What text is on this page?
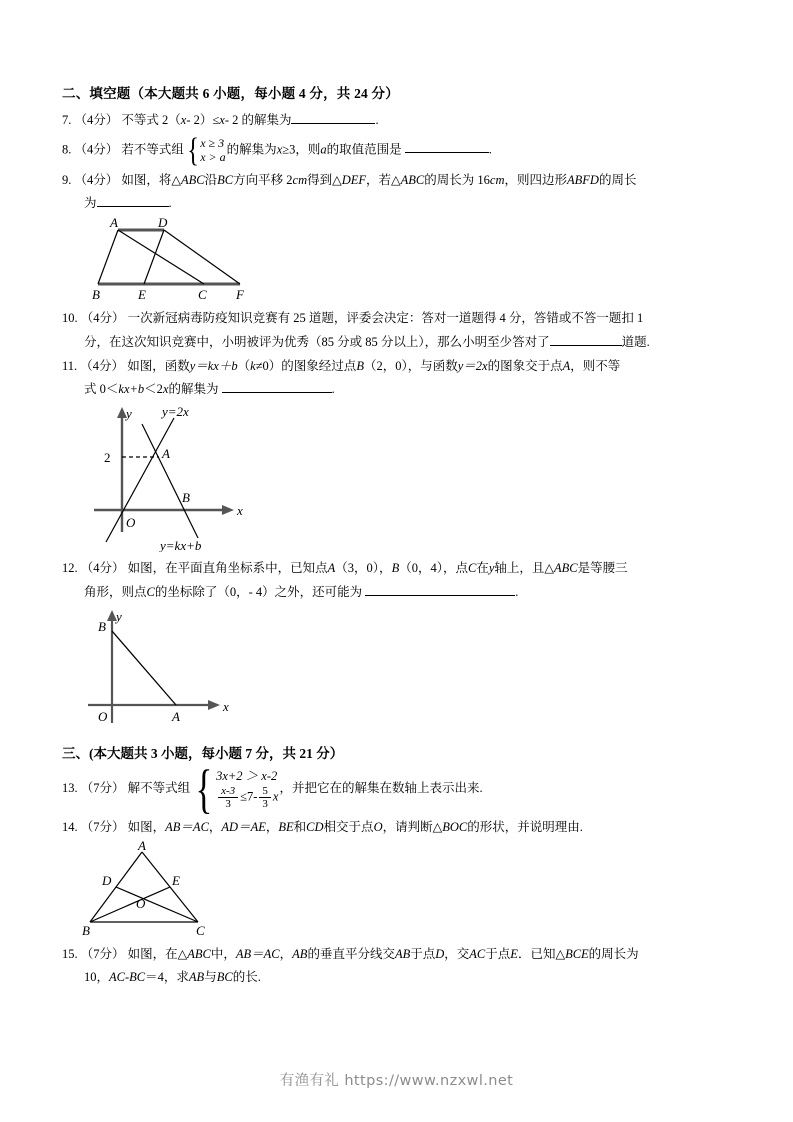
二、填空题（本大题共 6 小题，每小题 4 分，共 24 分）
7. （4分） 不等式 2（x- 2）≤x- 2 的解集为	.
8. （4分） 若不等式组 { x ≥ 3
x > a
的解集为x≥3，则a的取值范围是	.
9. （4分） 如图，将△ABC沿BC方向平移 2cm得到△DEF，若△ABC的周长为 16cm，则四边形ABFD的周长
为	.
A	D
B	E	C F
10. （4分） 一次新冠病毒防疫知识竞赛有 25 道题，评委会决定：答对一道题得 4 分，答错或不答一题扣 1
分，在这次知识竞赛中，小明被评为优秀（85 分或 85 分以上），那么小明至少答对了	道题.
11. （4分） 如图，函数y＝kx＋b（k≠0）的图象经过点B（2，0），与函数y＝2x的图象交于点A，则不等
式 0＜kx+b＜2x的解集为	.
2	A
B
O
y
x
y=2x
y=kx+b
12. （4分） 如图，在平面直角坐标系中，已知点A（3，0），B（0，4），点C在y轴上，且△ABC是等腰三
角形，则点C的坐标除了（0，- 4）之外，还可能为	.
y
x
B
A
O
三、(本大题共 3 小题，每小题 7 分，共 21 分）
13. （7分） 解不等式组 { 3x+2 ＞ x-2
$\frac{x-3}{3} \le 7- \frac{5}{3}$ x
，并把它在的解集在数轴上表示出来.
14. （7分） 如图，AB＝AC，AD＝AE，BE和CD相交于点O，请判断△BOC的形状，并说明理由.
A
D	E
O
B	C
15. （7分） 如图，在△ABC中，AB＝AC，AB的垂直平分线交AB于点D，交AC于点E．已知△BCE的周长为
10，AC-BC＝4，求AB与BC的长.
有渔有礼 https://www.nzxwl.net
